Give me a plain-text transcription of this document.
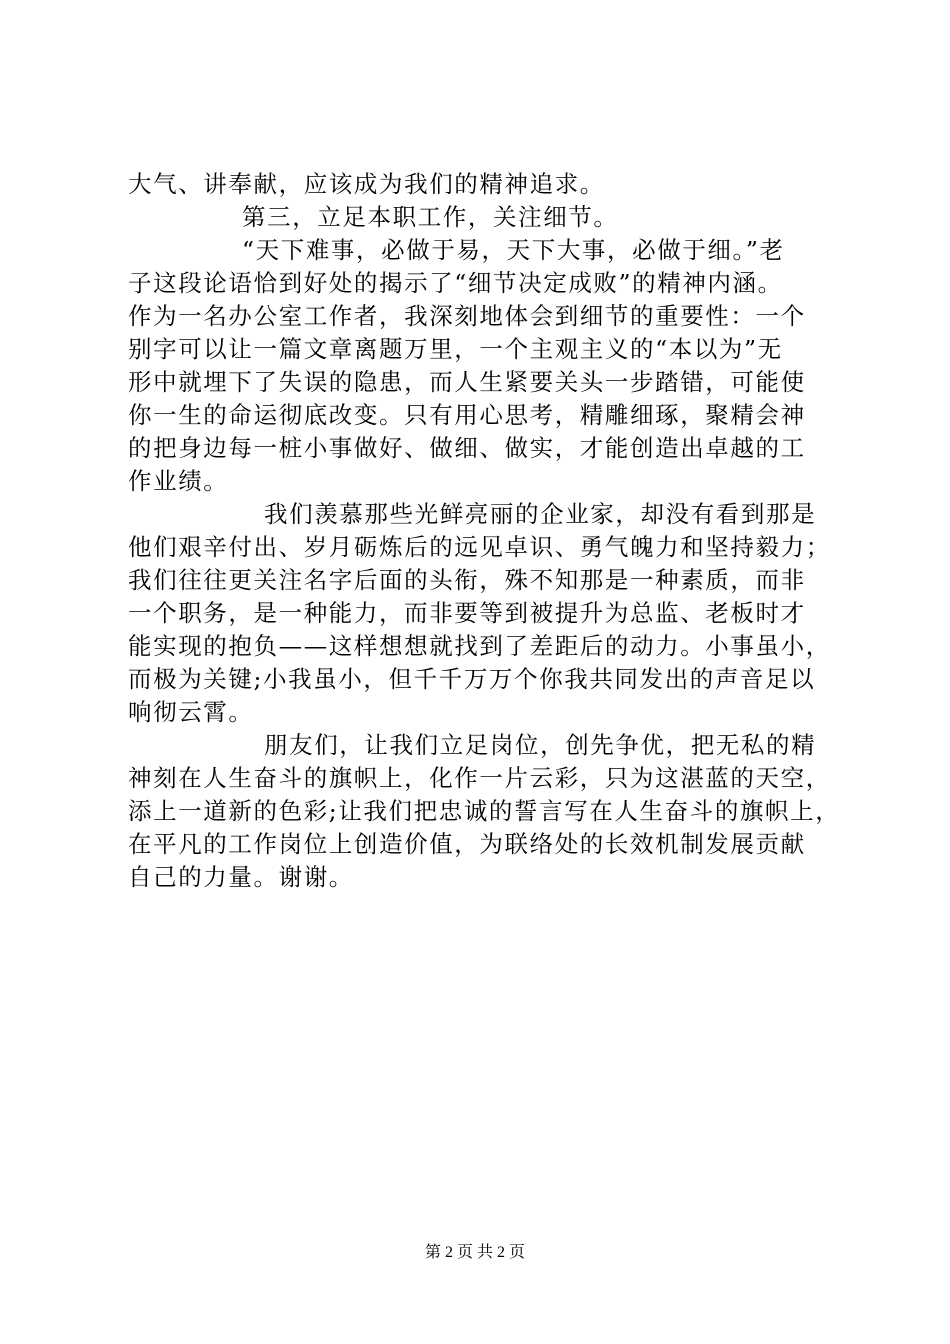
大气、讲奉献，应该成为我们的精神追求。
第三，立足本职工作，关注细节。
“天下难事，必做于易，天下大事，必做于细。”老
子这段论语恰到好处的揭示了“细节决定成败”的精神内涵。
作为一名办公室工作者，我深刻地体会到细节的重要性：一个
别字可以让一篇文章离题万里，一个主观主义的“本以为”无
形中就埋下了失误的隐患，而人生紧要关头一步踏错，可能使
你一生的命运彻底改变。只有用心思考，精雕细琢，聚精会神
的把身边每一桩小事做好、做细、做实，才能创造出卓越的工
作业绩。
我们羡慕那些光鲜亮丽的企业家，却没有看到那是
他们艰辛付出、岁月砺炼后的远见卓识、勇气魄力和坚持毅力；
我们往往更关注名字后面的头衔，殊不知那是一种素质，而非
一个职务，是一种能力，而非要等到被提升为总监、老板时才
能实现的抱负——这样想想就找到了差距后的动力。小事虽小，
而极为关键;小我虽小，但千千万万个你我共同发出的声音足以
响彻云霄。
朋友们，让我们立足岗位，创先争优，把无私的精
神刻在人生奋斗的旗帜上，化作一片云彩，只为这湛蓝的天空，
添上一道新的色彩;让我们把忠诚的誓言写在人生奋斗的旗帜上，
在平凡的工作岗位上创造价值，为联络处的长效机制发展贡献
自己的力量。谢谢。
第 2 页 共 2 页
